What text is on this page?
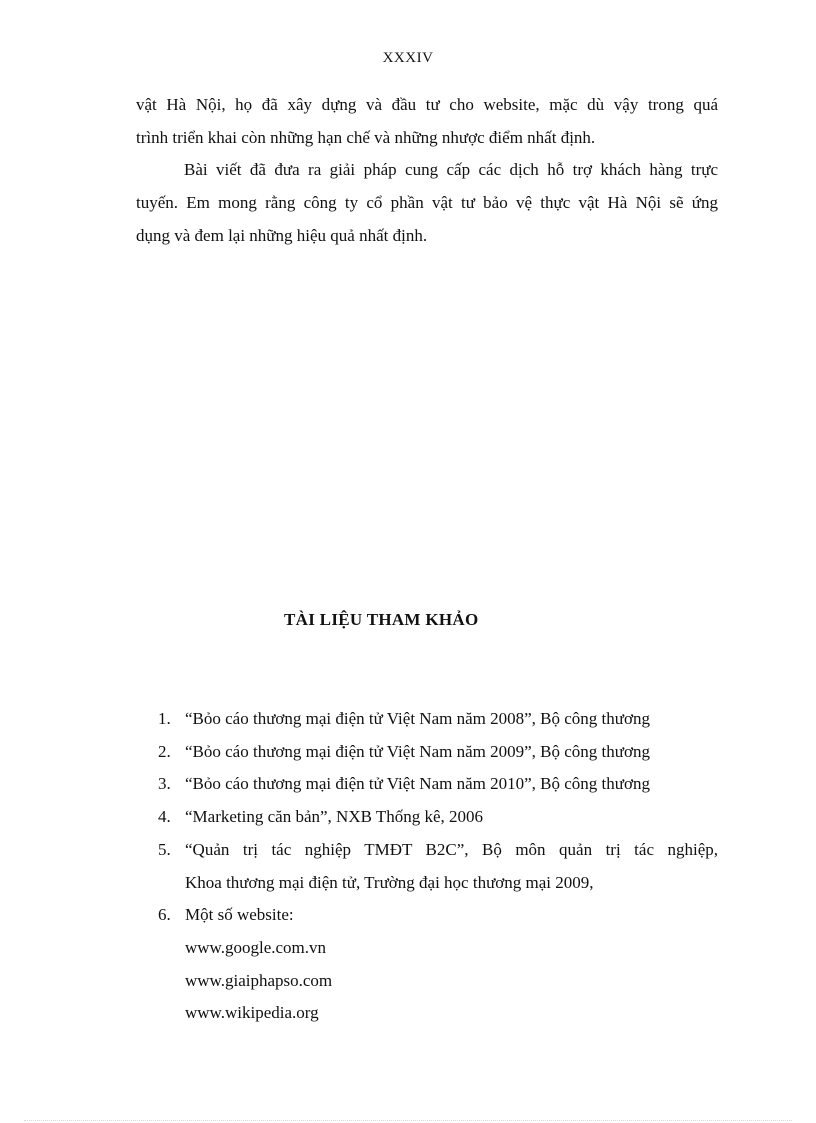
XXXIV

vật Hà Nội, họ đã xây dựng và đầu tư cho website, mặc dù vậy trong quá
trình triển khai còn những hạn chế và những nhược điểm nhất định.

Bài viết đã đưa ra giải pháp cung cấp các dịch hỗ trợ khách hàng trực
tuyến. Em mong rằng công ty cổ phần vật tư bảo vệ thực vật Hà Nội sẽ ứng
dụng và đem lại những hiệu quả nhất định.

TÀI LIỆU THAM KHẢO
1. “Bỏo cáo thương mại điện tử Việt Nam năm 2008”, Bộ công thương
2. “Bỏo cáo thương mại điện tử Việt Nam năm 2009”, Bộ công thương
3. “Bỏo cáo thương mại điện tử Việt Nam năm 2010”, Bộ công thương
4. “Marketing căn bản”, NXB Thống kê, 2006
5. “Quản trị tác nghiệp TMĐT B2C”, Bộ môn quản trị tác nghiệp,
Khoa thương mại điện tử, Trường đại học thương mại 2009,
6. Một số website:
www.google.com.vn
www.giaiphapso.com
www.wikipedia.org
